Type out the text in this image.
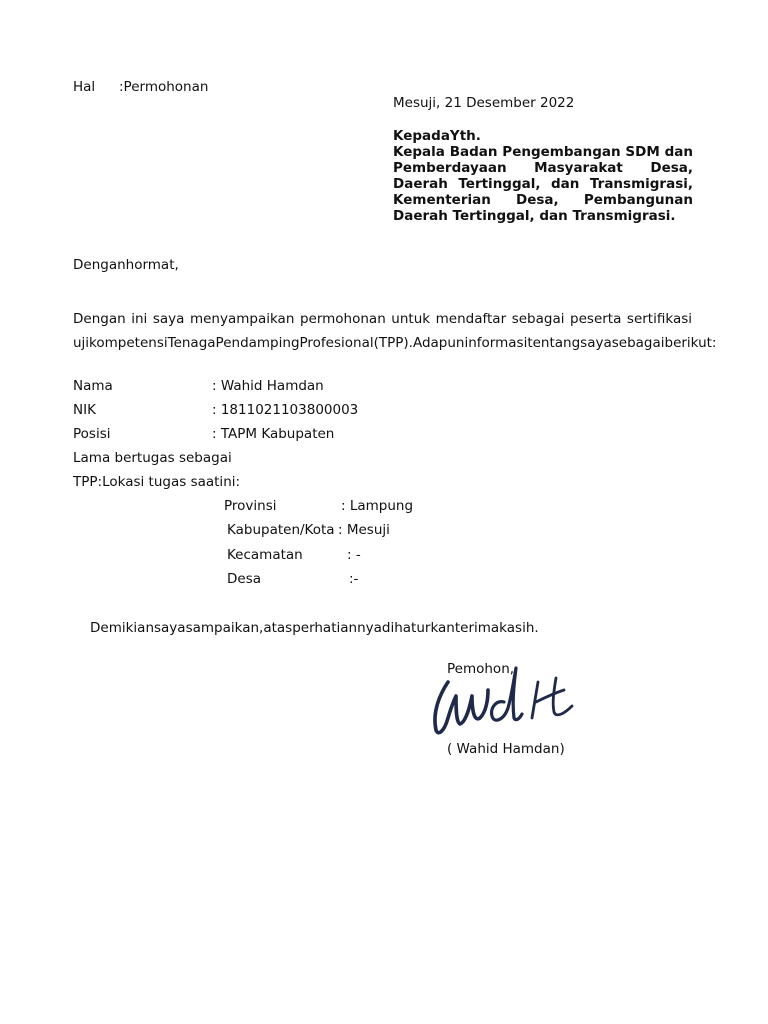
Hal :Permohonan
Mesuji, 21 Desember 2022
KepadaYth.
Kepala Badan Pengembangan SDM dan Pemberdayaan Masyarakat Desa, Daerah Tertinggal, dan Transmigrasi, Kementerian Desa, Pembangunan Daerah Tertinggal, dan Transmigrasi.
Denganhormat,
Dengan ini saya menyampaikan permohonan untuk mendaftar sebagai peserta sertifikasi ujikompetensiTenagaPendampingProfesional(TPP).Adapuninformasitentangsayasebagaiberikut:
Nama	: Wahid Hamdan
NIK	: 1811021103800003
Posisi	: TAPM Kabupaten
Lama bertugas sebagai
TPP:Lokasi tugas saatini:
Provinsi	: Lampung
Kabupaten/Kota : Mesuji
Kecamatan	: -
Desa	:-
Demikiansayasampaikan,atasperhatiannyadihaturkanterimakasih.
Pemohon,
( Wahid Hamdan)
